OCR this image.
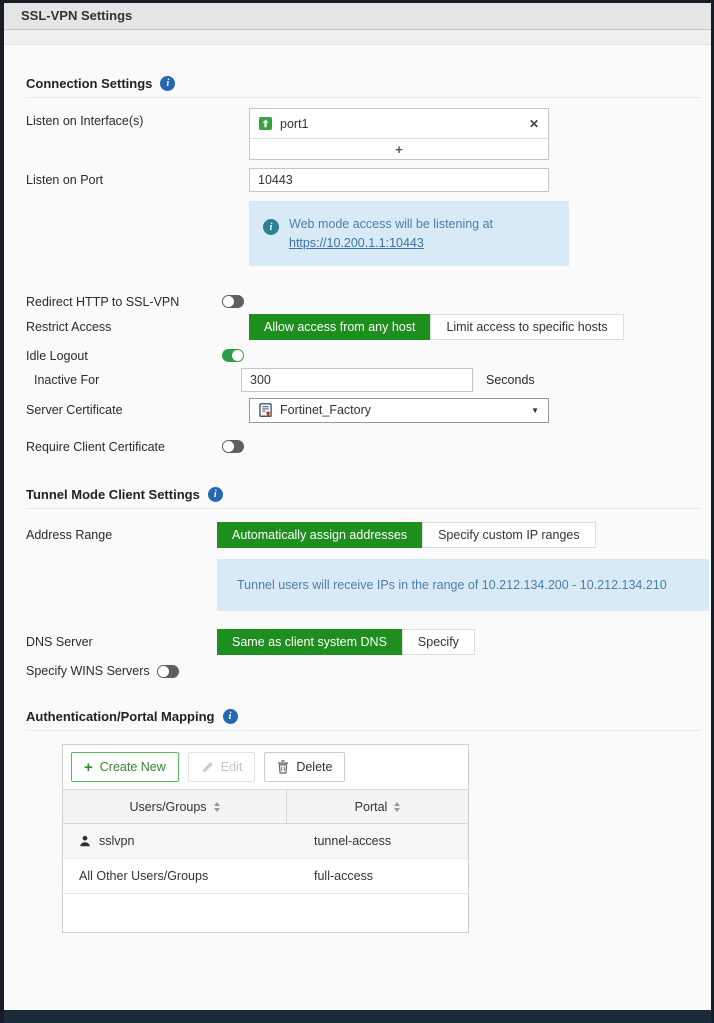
SSL-VPN Settings
Connection Settings	i
Listen on Interface(s)	port1	✕
+
Listen on Port
10443
i	Web mode access will be listening at https://10.200.1.1:10443
Redirect HTTP to SSL-VPN
Restrict Access	Allow access from any host	Limit access to specific hosts
Idle Logout
Inactive For
300	Seconds
Server Certificate	Fortinet_Factory	▼
Require Client Certificate
Tunnel Mode Client Settings	i
Address Range	Automatically assign addresses	Specify custom IP ranges
Tunnel users will receive IPs in the range of 10.212.134.200 - 10.212.134.210
DNS Server	Same as client system DNS	Specify
Specify WINS Servers
Authentication/Portal Mapping	i
+ Create New	Edit	Delete
Users/Groups	Portal
sslvpn	tunnel-access
All Other Users/Groups	full-access
